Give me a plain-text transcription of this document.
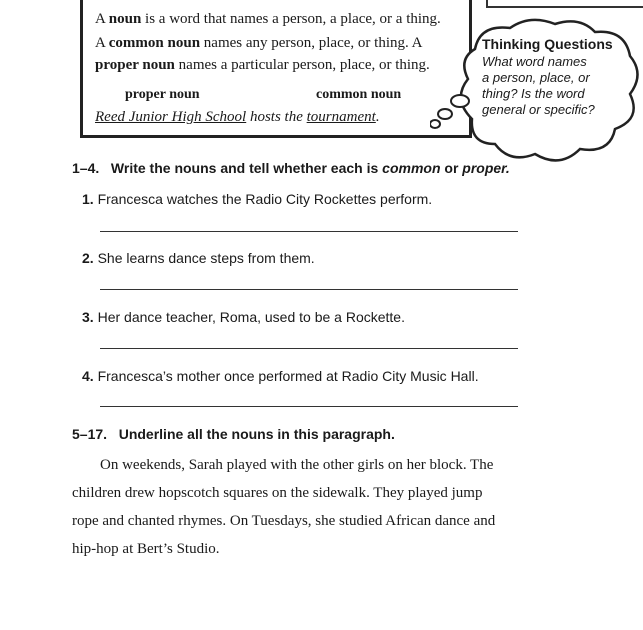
A noun is a word that names a person, a place, or a thing.

A common noun names any person, place, or thing. A

proper noun names a particular person, place, or thing.

proper noun	common noun

Reed Junior High School hosts the tournament.

Thinking Questions
What word names
a person, place, or
thing? Is the word
general or specific?
1–4. Write the nouns and tell whether each is common or proper.
1. Francesca watches the Radio City Rockettes perform.
2. She learns dance steps from them.
3. Her dance teacher, Roma, used to be a Rockette.
4. Francesca’s mother once performed at Radio City Music Hall.
5–17. Underline all the nouns in this paragraph.
On weekends, Sarah played with the other girls on her block. The
children drew hopscotch squares on the sidewalk. They played jump
rope and chanted rhymes. On Tuesdays, she studied African dance and
hip-hop at Bert’s Studio.
